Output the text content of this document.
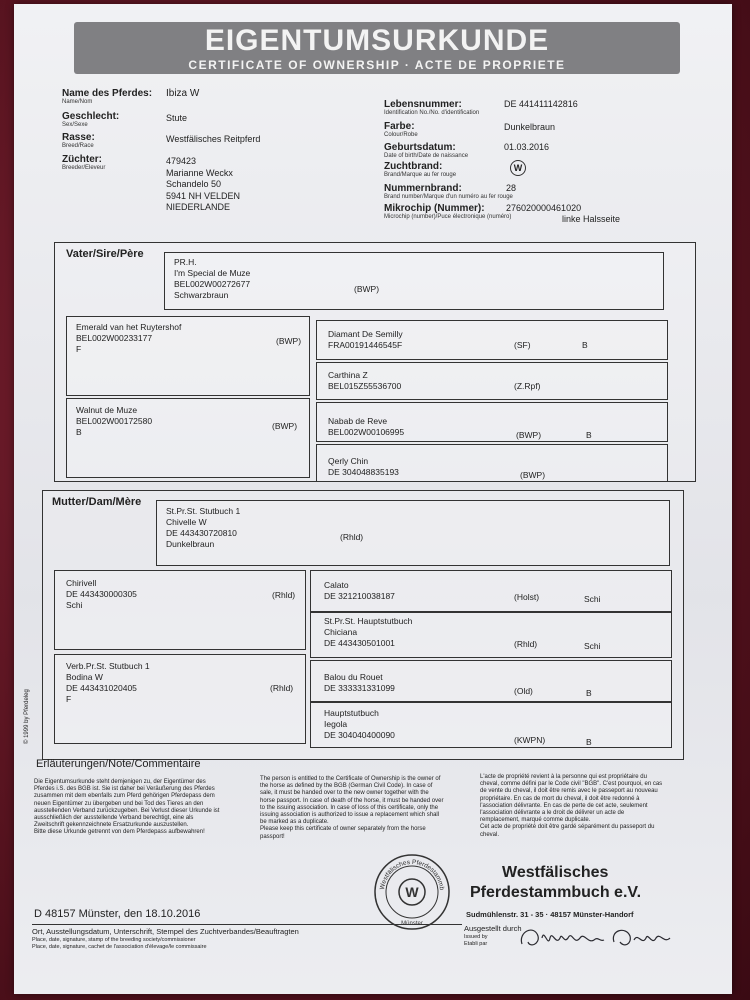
EIGENTUMSURKUNDE
CERTIFICATE OF OWNERSHIP · ACTE DE PROPRIETE
Name des Pferdes:
Name/Nom
Ibiza W
Geschlecht:
Sex/Sexe
Stute
Rasse:
Breed/Race
Westfälisches Reitpferd
Züchter:
Breeder/Eleveur
479423
Marianne Weckx
Schandelo 50
5941 NH VELDEN
NIEDERLANDE
Lebensnummer:
Identification No./No. d'identification
DE 441411142816
Farbe:
Colour/Robe
Dunkelbraun
Geburtsdatum:
Date of birth/Date de naissance
01.03.2016
Zuchtbrand:
Brand/Marque au fer rouge
W
Nummernbrand:
Brand number/Marque d'un numéro au fer rouge
28
Mikrochip (Nummer):
Microchip (number)/Puce électronique (numéro)
276020000461020
linke Halsseite
Vater/Sire/Père
PR.H.
I'm Special de Muze
BEL002W00272677
Schwarzbraun
(BWP)
Emerald van het Ruytershof
BEL002W00233177
F
(BWP)
Walnut de Muze
BEL002W00172580
B
(BWP)
Diamant De Semilly
FRA00191446545F	(SF)	B
Carthina Z
BEL015Z55536700	(Z.Rpf)
Nabab de Reve
BEL002W00106995	(BWP)	B
Qerly Chin
DE 304048835193	(BWP)
Mutter/Dam/Mère
St.Pr.St. Stutbuch 1
Chivelle W
DE 443430720810
Dunkelbraun
(Rhld)
Chirivell
DE 443430000305
Schi
(Rhld)
Verb.Pr.St. Stutbuch 1
Bodina W
DE 443431020405
F
(Rhld)
Calato
DE 321210038187	(Holst)	Schi
St.Pr.St. Hauptstutbuch
Chiciana
DE 443430501001	(Rhld)	Schi
Balou du Rouet
DE 333331331099	(Old)	B
Hauptstutbuch
Iegola
DE 304040400090	(KWPN)	B
© 1999 by Pferdeleg
Erläuterungen/Note/Commentaire
Die Eigentumsurkunde steht demjenigen zu, der Eigentümer des
Pferdes i.S. des BGB ist. Sie ist daher bei Veräußerung des Pferdes
zusammen mit dem ebenfalls zum Pferd gehörigen Pferdepass dem
neuen Eigentümer zu übergeben und bei Tod des Tieres an den
ausstellenden Verband zurückzugeben. Bei Verlust dieser Urkunde ist
ausschließlich der ausstellende Verband berechtigt, eine als
Zweitschrift gekennzeichnete Ersatzurkunde auszustellen.
Bitte diese Urkunde getrennt von dem Pferdepass aufbewahren!
The person is entitled to the Certificate of Ownership is the owner of
the horse as defined by the BGB (German Civil Code). In case of
sale, it must be handed over to the new owner together with the
horse passport. In case of death of the horse, it must be handed over
to the issuing association. In case of loss of this certificate, only the
issuing association is authorized to issue a replacement which shall
be marked as a duplicate.
Please keep this certificate of owner separately from the horse
passport!
L'acte de propriété revient à la personne qui est propriétaire du
cheval, comme défini par le Code civil "BGB". C'est pourquoi, en cas
de vente du cheval, il doit être remis avec le passeport au nouveau
propriétaire. En cas de mort du cheval, il doit être redonné à
l'association délivrante. En cas de perte de cet acte, seulement
l'association délivrante a le droit de délivrer un acte de
remplacement, marqué comme duplicate.
Cet acte de propriété doit être gardé séparément du passeport du
cheval.
Westfälisches Pferdestammb
W
Münster
Westfälisches
Pferdestammbuch e.V.
Sudmühlenstr. 31 - 35 · 48157 Münster-Handorf
D 48157 Münster, den 18.10.2016
Ort, Ausstellungsdatum, Unterschrift, Stempel des Zuchtverbandes/Beauftragten
Place, date, signature, stamp of the breeding society/commissioner
Place, date, signature, cachet de l'association d'élevage/le commissaire
Ausgestellt durch
Issued by
Etabli par
